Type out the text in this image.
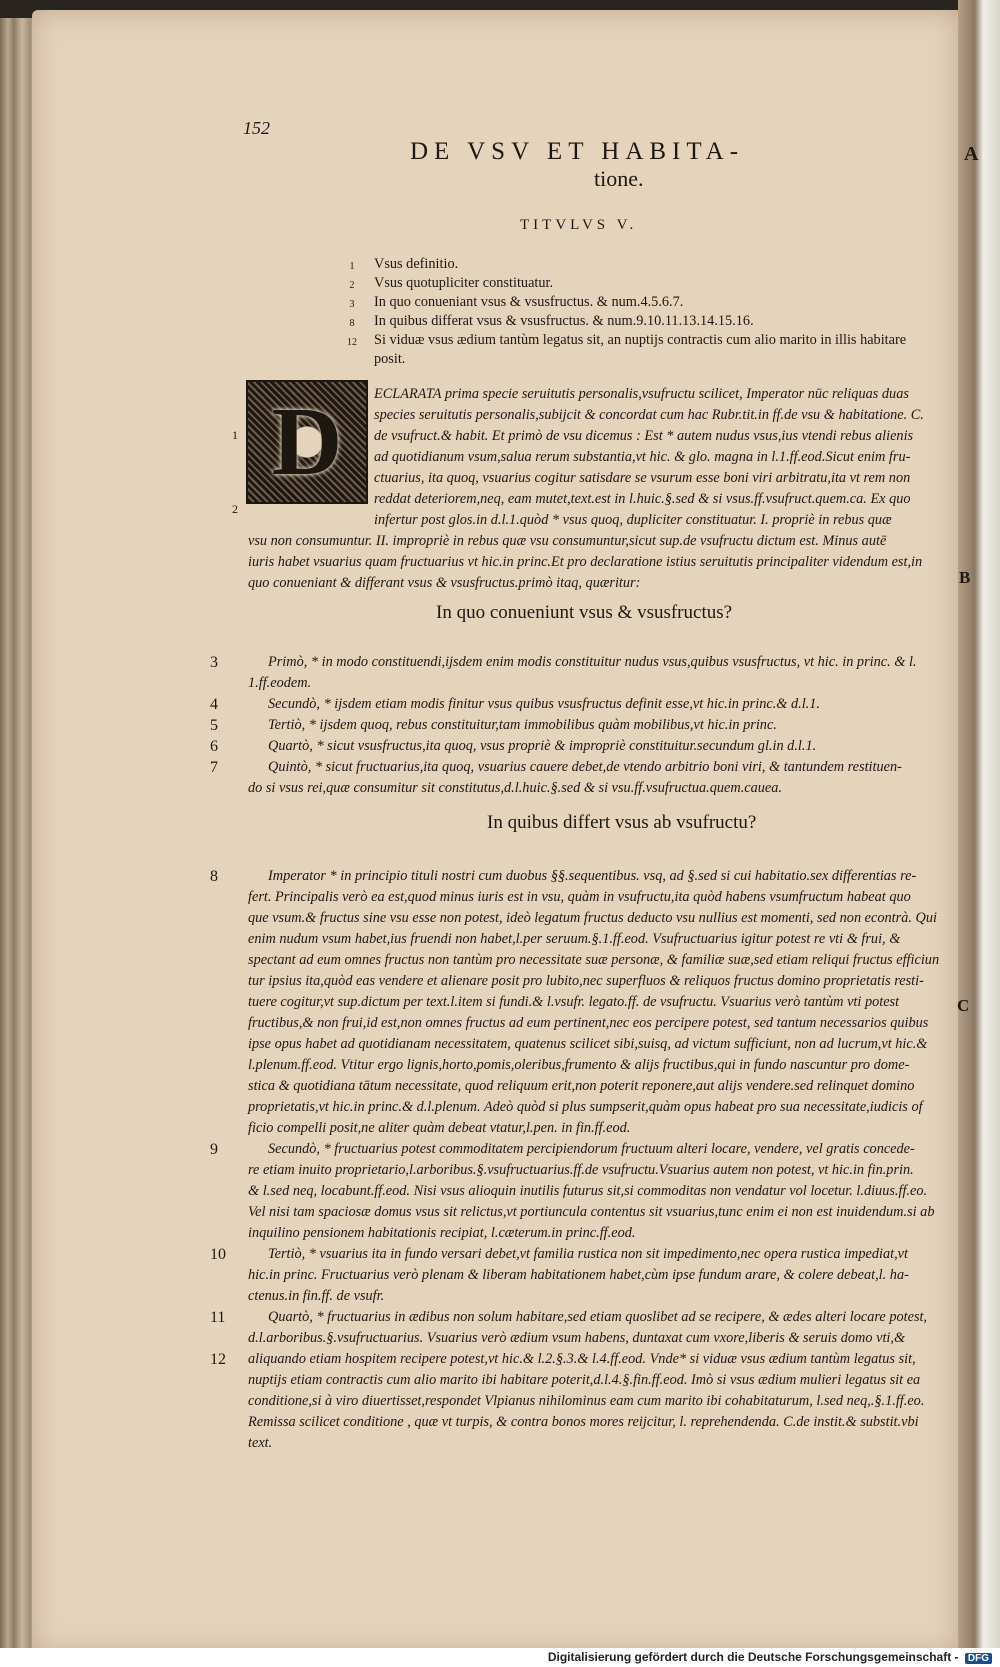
152
DE VSV ET HABITA-
tione.
A
B
C
TITVLVS V.
1	Vsus definitio.
2	Vsus quotupliciter constituatur.
3	In quo conueniant vsus & vsusfructus. & num.4.5.6.7.
8	In quibus differat vsus & vsusfructus. & num.9.10.11.13.14.15.16.
12	Si viduæ vsus ædium tantùm legatus sit, an nuptijs contractis cum alio marito in illis habitare
posit.
D
1
2
ECLARATA prima specie seruitutis personalis,vsufructu scilicet, Imperator nūc reliquas duas
species seruitutis personalis,subijcit & concordat cum hac Rubr.tit.in ff.de vsu & habitatione. C.
de vsufruct.& habit. Et primò de vsu dicemus : Est * autem nudus vsus,ius vtendi rebus alienis
ad quotidianum vsum,salua rerum substantia,vt hic. & glo. magna in l.1.ff.eod.Sicut enim fru-
ctuarius, ita quoq, vsuarius cogitur satisdare se vsurum esse boni viri arbitratu,ita vt rem non
reddat deteriorem,neq, eam mutet,text.est in l.huic.§.sed & si vsus.ff.vsufruct.quem.ca. Ex quo
infertur post glos.in d.l.1.quòd * vsus quoq, dupliciter constituatur. I. propriè in rebus quæ
vsu non consumuntur. II. impropriè in rebus quæ vsu consumuntur,sicut sup.de vsufructu dictum est. Minus autē
iuris habet vsuarius quam fructuarius vt hic.in princ.Et pro declaratione istius seruitutis principaliter videndum est,in
quo conueniant & differant vsus & vsusfructus.primò itaq, quæritur:
In quo conueniunt vsus & vsusfructus?
3	Primò, * in modo constituendi,ijsdem enim modis constituitur nudus vsus,quibus vsusfructus, vt hic. in princ. & l.
1.ff.eodem.
4	Secundò, * ijsdem etiam modis finitur vsus quibus vsusfructus definit esse,vt hic.in princ.& d.l.1.
5	Tertiò, * ijsdem quoq, rebus constituitur,tam immobilibus quàm mobilibus,vt hic.in princ.
6	Quartò, * sicut vsusfructus,ita quoq, vsus propriè & impropriè constituitur.secundum gl.in d.l.1.
7	Quintò, * sicut fructuarius,ita quoq, vsuarius cauere debet,de vtendo arbitrio boni viri, & tantundem restituen-
do si vsus rei,quæ consumitur sit constitutus,d.l.huic.§.sed & si vsu.ff.vsufructua.quem.cauea.
In quibus differt vsus ab vsufructu?
8	Imperator * in principio tituli nostri cum duobus §§.sequentibus. vsq, ad §.sed si cui habitatio.sex differentias re-
fert. Principalis verò ea est,quod minus iuris est in vsu, quàm in vsufructu,ita quòd habens vsumfructum habeat quo
que vsum.& fructus sine vsu esse non potest, ideò legatum fructus deducto vsu nullius est momenti, sed non econtrà. Qui
enim nudum vsum habet,ius fruendi non habet,l.per seruum.§.1.ff.eod. Vsufructuarius igitur potest re vti & frui, &
spectant ad eum omnes fructus non tantùm pro necessitate suæ personæ, & familiæ suæ,sed etiam reliqui fructus efficiun
tur ipsius ita,quòd eas vendere et alienare posit pro lubito,nec superfluos & reliquos fructus domino proprietatis resti-
tuere cogitur,vt sup.dictum per text.l.item si fundi.& l.vsufr. legato.ff. de vsufructu. Vsuarius verò tantùm vti potest
fructibus,& non frui,id est,non omnes fructus ad eum pertinent,nec eos percipere potest, sed tantum necessarios quibus
ipse opus habet ad quotidianam necessitatem, quatenus scilicet sibi,suisq, ad victum sufficiunt, non ad lucrum,vt hic.&
l.plenum.ff.eod. Vtitur ergo lignis,horto,pomis,oleribus,frumento & alijs fructibus,qui in fundo nascuntur pro dome-
stica & quotidiana tātum necessitate, quod reliquum erit,non poterit reponere,aut alijs vendere.sed relinquet domino
proprietatis,vt hic.in princ.& d.l.plenum. Adeò quòd si plus sumpserit,quàm opus habeat pro sua necessitate,iudicis of
ficio compelli posit,ne aliter quàm debeat vtatur,l.pen. in fin.ff.eod.
9	Secundò, * fructuarius potest commoditatem percipiendorum fructuum alteri locare, vendere, vel gratis concede-
re etiam inuito proprietario,l.arboribus.§.vsufructuarius.ff.de vsufructu.Vsuarius autem non potest, vt hic.in fin.prin.
& l.sed neq, locabunt.ff.eod. Nisi vsus alioquin inutilis futurus sit,si commoditas non vendatur vol locetur. l.diuus.ff.eo.
Vel nisi tam spaciosæ domus vsus sit relictus,vt portiuncula contentus sit vsuarius,tunc enim ei non est inuidendum.si ab
inquilino pensionem habitationis recipiat, l.cæterum.in princ.ff.eod.
10	Tertiò, * vsuarius ita in fundo versari debet,vt familia rustica non sit impedimento,nec opera rustica impediat,vt
hic.in princ. Fructuarius verò plenam & liberam habitationem habet,cùm ipse fundum arare, & colere debeat,l. ha-
ctenus.in fin.ff. de vsufr.
11	Quartò, * fructuarius in ædibus non solum habitare,sed etiam quoslibet ad se recipere, & ædes alteri locare potest,
d.l.arboribus.§.vsufructuarius. Vsuarius verò ædium vsum habens, duntaxat cum vxore,liberis & seruis domo vti,&
12 aliquando etiam hospitem recipere potest,vt hic.& l.2.§.3.& l.4.ff.eod. Vnde* si viduæ vsus ædium tantùm legatus sit,
nuptijs etiam contractis cum alio marito ibi habitare poterit,d.l.4.§.fin.ff.eod. Imò si vsus ædium mulieri legatus sit ea
conditione,si à viro diuertisset,respondet Vlpianus nihilominus eam cum marito ibi cohabitaturum, l.sed neq,.§.1.ff.eo.
Remissa scilicet conditione , quæ vt turpis, & contra bonos mores reijcitur, l. reprehendenda. C.de instit.& substit.vbi
text.
Digitalisierung gefördert durch die Deutsche Forschungsgemeinschaft - DFG
